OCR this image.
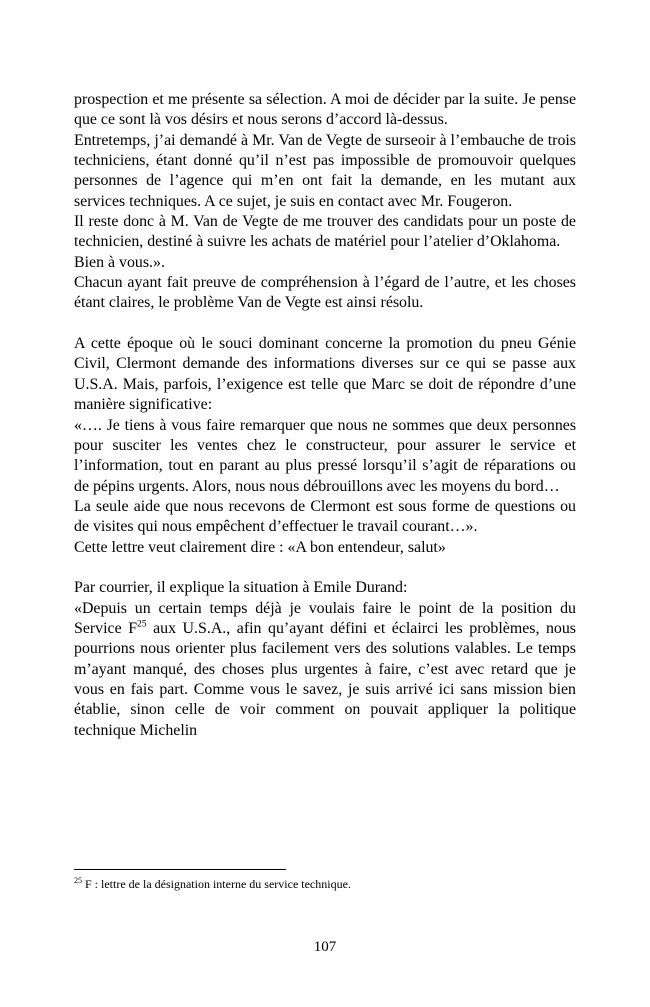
prospection et me présente sa sélection. A moi de décider par la suite. Je pense que ce sont là vos désirs et nous serons d’accord là-dessus.

Entretemps, j’ai demandé à Mr. Van de Vegte de surseoir à l’embauche de trois techniciens, étant donné qu’il n’est pas impossible de promouvoir quelques personnes de l’agence qui m’en ont fait la demande, en les mutant aux services techniques. A ce sujet, je suis en contact avec Mr. Fougeron.

Il reste donc à M. Van de Vegte de me trouver des candidats pour un poste de technicien, destiné à suivre les achats de matériel pour l’atelier d’Oklahoma.

Bien à vous.».

Chacun ayant fait preuve de compréhension à l’égard de l’autre, et les choses étant claires, le problème Van de Vegte est ainsi résolu.

A cette époque où le souci dominant concerne la promotion du pneu Génie Civil, Clermont demande des informations diverses sur ce qui se passe aux U.S.A. Mais, parfois, l’exigence est telle que Marc se doit de répondre d’une manière significative:

«…. Je tiens à vous faire remarquer que nous ne sommes que deux personnes pour susciter les ventes chez le constructeur, pour assurer le service et l’information, tout en parant au plus pressé lorsqu’il s’agit de réparations ou de pépins urgents. Alors, nous nous débrouillons avec les moyens du bord…

La seule aide que nous recevons de Clermont est sous forme de questions ou de visites qui nous empêchent d’effectuer le travail courant…».

Cette lettre veut clairement dire : «A bon entendeur, salut»

Par courrier, il explique la situation à Emile Durand:

«Depuis un certain temps déjà je voulais faire le point de la position du Service $F^{25}$ aux U.S.A., afin qu’ayant défini et éclairci les problèmes, nous pourrions nous orienter plus facilement vers des solutions valables. Le temps m’ayant manqué, des choses plus urgentes à faire, c’est avec retard que je vous en fais part. Comme vous le savez, je suis arrivé ici sans mission bien établie, sinon celle de voir comment on pouvait appliquer la politique technique Michelin

$^{25}$ F : lettre de la désignation interne du service technique.
107
